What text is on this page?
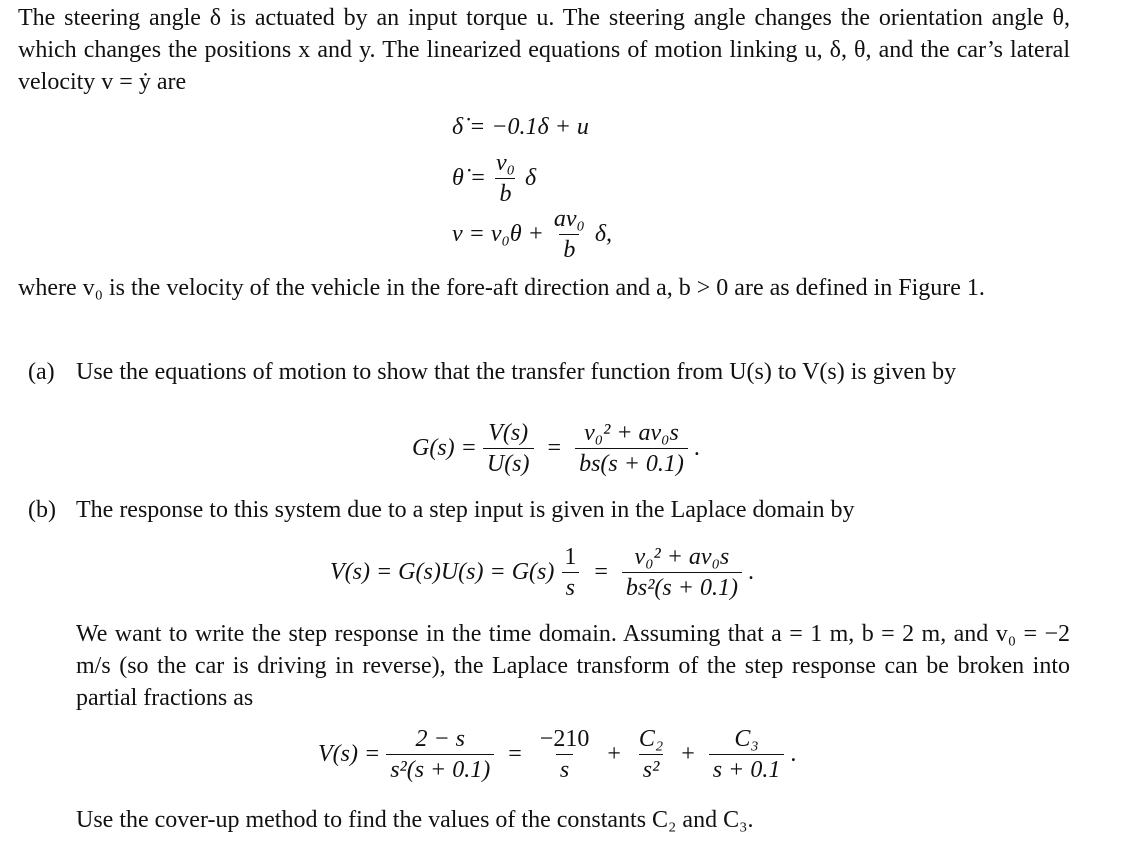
The steering angle δ is actuated by an input torque u. The steering angle changes the orientation angle θ, which changes the positions x and y. The linearized equations of motion linking u, δ, θ, and the car’s lateral velocity v = ẏ are
δ̇ = −0.1δ + u
θ̇ = $\frac{\text{v₀}}{b}$ δ
$v = v_0\theta + \frac{\text{av₀}}{b} \delta$,
where v₀ is the velocity of the vehicle in the fore-aft direction and a, b > 0 are as defined in Figure 1.
(a) Use the equations of motion to show that the transfer function from U(s) to V(s) is given by
$G(s) = \frac{V(s)}{U(s)} = \frac{\text{v₀² + av₀s}}{bs(s + 0.1)}$ .
(b) The response to this system due to a step input is given in the Laplace domain by
$V(s) = G(s)U(s) = G(s) \frac{1}{s} = \frac{\text{v₀² + av₀s}}{\text{bs²(s + 0.1)}}$ .
We want to write the step response in the time domain. Assuming that a = 1 m, b = 2 m, and v₀ = −2 m/s (so the car is driving in reverse), the Laplace transform of the step response can be broken into partial fractions as
$V(s) = \frac{2 - s}{\text{s²(s + 0.1)}} = \frac{-210}{s} + \frac{\text{C₂}}{\text{s²}} + \frac{\text{C₃}}{s + 0.1}$ .
Use the cover-up method to find the values of the constants C₂ and C₃.
